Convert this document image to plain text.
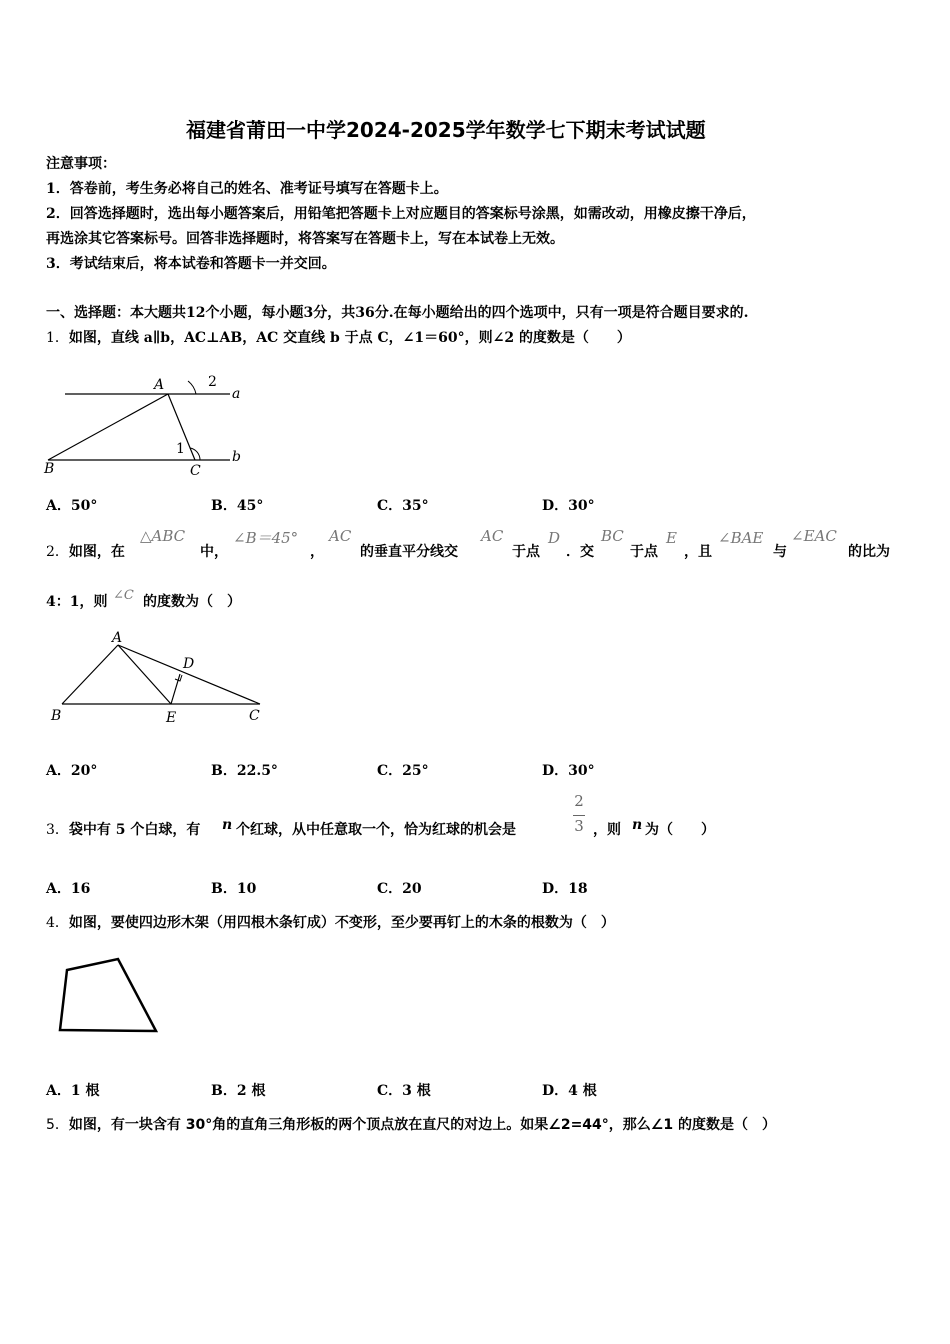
福建省莆田一中学2024-2025学年数学七下期末考试试题
注意事项：
1．答卷前，考生务必将自己的姓名、准考证号填写在答题卡上。
2．回答选择题时，选出每小题答案后，用铅笔把答题卡上对应题目的答案标号涂黑，如需改动，用橡皮擦干净后，
再选涂其它答案标号。回答非选择题时，将答案写在答题卡上，写在本试卷上无效。
3．考试结束后，将本试卷和答题卡一并交回。
一、选择题：本大题共12个小题，每小题3分，共36分.在每小题给出的四个选项中，只有一项是符合题目要求的.
1．如图，直线 a∥b，AC⊥AB，AC 交直线 b 于点 C，∠1＝60°，则∠2 的度数是（　　）
A
B	C
a
b
2
1
A．50°	B．45°	C．35°	D．30°
2．如图，在
△ABC
中，
∠B＝45°
，
AC
的垂直平分线交
AC
于点
D
．交
BC
于点
E
，且
∠BAE
与
∠EAC
的比为
4：1，则 ∠C 的度数为（　）
A
B	C
D
E
A．20°	B．22.5°	C．25°	D．30°
3．袋中有 5 个白球，有 n 个红球，从中任意取一个，恰为红球的机会是
2
3 ，则 n 为（　　）
A．16	B．10	C．20	D．18
4．如图，要使四边形木架（用四根木条钉成）不变形，至少要再钉上的木条的根数为（　）
A．1 根	B．2 根	C．3 根	D．4 根
5．如图，有一块含有 30°角的直角三角形板的两个顶点放在直尺的对边上。如果∠2=44°，那么∠1 的度数是（　）
